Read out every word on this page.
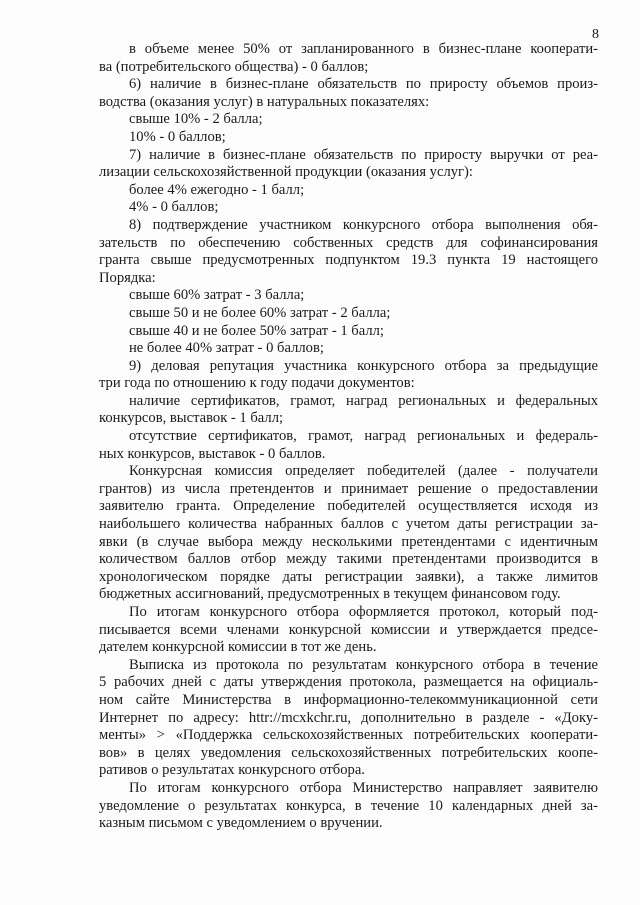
8
в объеме менее 50% от запланированного в бизнес-плане кооперати-
ва (потребительского общества) - 0 баллов;
6) наличие в бизнес-плане обязательств по приросту объемов произ-
водства (оказания услуг) в натуральных показателях:
свыше 10% - 2 балла;
10% - 0 баллов;
7) наличие в бизнес-плане обязательств по приросту выручки от реа-
лизации сельскохозяйственной продукции (оказания услуг):
более 4% ежегодно - 1 балл;
4% - 0 баллов;
8) подтверждение участником конкурсного отбора выполнения обя-
зательств по обеспечению собственных средств для софинансирования
гранта свыше предусмотренных подпунктом 19.3 пункта 19 настоящего
Порядка:
свыше 60% затрат - 3 балла;
свыше 50 и не более 60% затрат - 2 балла;
свыше 40 и не более 50% затрат - 1 балл;
не более 40% затрат - 0 баллов;
9) деловая репутация участника конкурсного отбора за предыдущие
три года по отношению к году подачи документов:
наличие сертификатов, грамот, наград региональных и федеральных
конкурсов, выставок - 1 балл;
отсутствие сертификатов, грамот, наград региональных и федераль-
ных конкурсов, выставок - 0 баллов.
Конкурсная комиссия определяет победителей (далее - получатели
грантов) из числа претендентов и принимает решение о предоставлении
заявителю гранта. Определение победителей осуществляется исходя из
наибольшего количества набранных баллов с учетом даты регистрации за-
явки (в случае выбора между несколькими претендентами с идентичным
количеством баллов отбор между такими претендентами производится в
хронологическом порядке даты регистрации заявки), а также лимитов
бюджетных ассигнований, предусмотренных в текущем финансовом году.
По итогам конкурсного отбора оформляется протокол, который под-
писывается всеми членами конкурсной комиссии и утверждается предсе-
дателем конкурсной комиссии в тот же день.
Выписка из протокола по результатам конкурсного отбора в течение
5 рабочих дней с даты утверждения протокола, размещается на официаль-
ном сайте Министерства в информационно-телекоммуникационной сети
Интернет по адресу: httr://mcxkchr.ru, дополнительно в разделе - «Доку-
менты» > «Поддержка сельскохозяйственных потребительских кооперати-
вов» в целях уведомления сельскохозяйственных потребительских коопе-
ративов о результатах конкурсного отбора.
По итогам конкурсного отбора Министерство направляет заявителю
уведомление о результатах конкурса, в течение 10 календарных дней за-
казным письмом с уведомлением о вручении.
